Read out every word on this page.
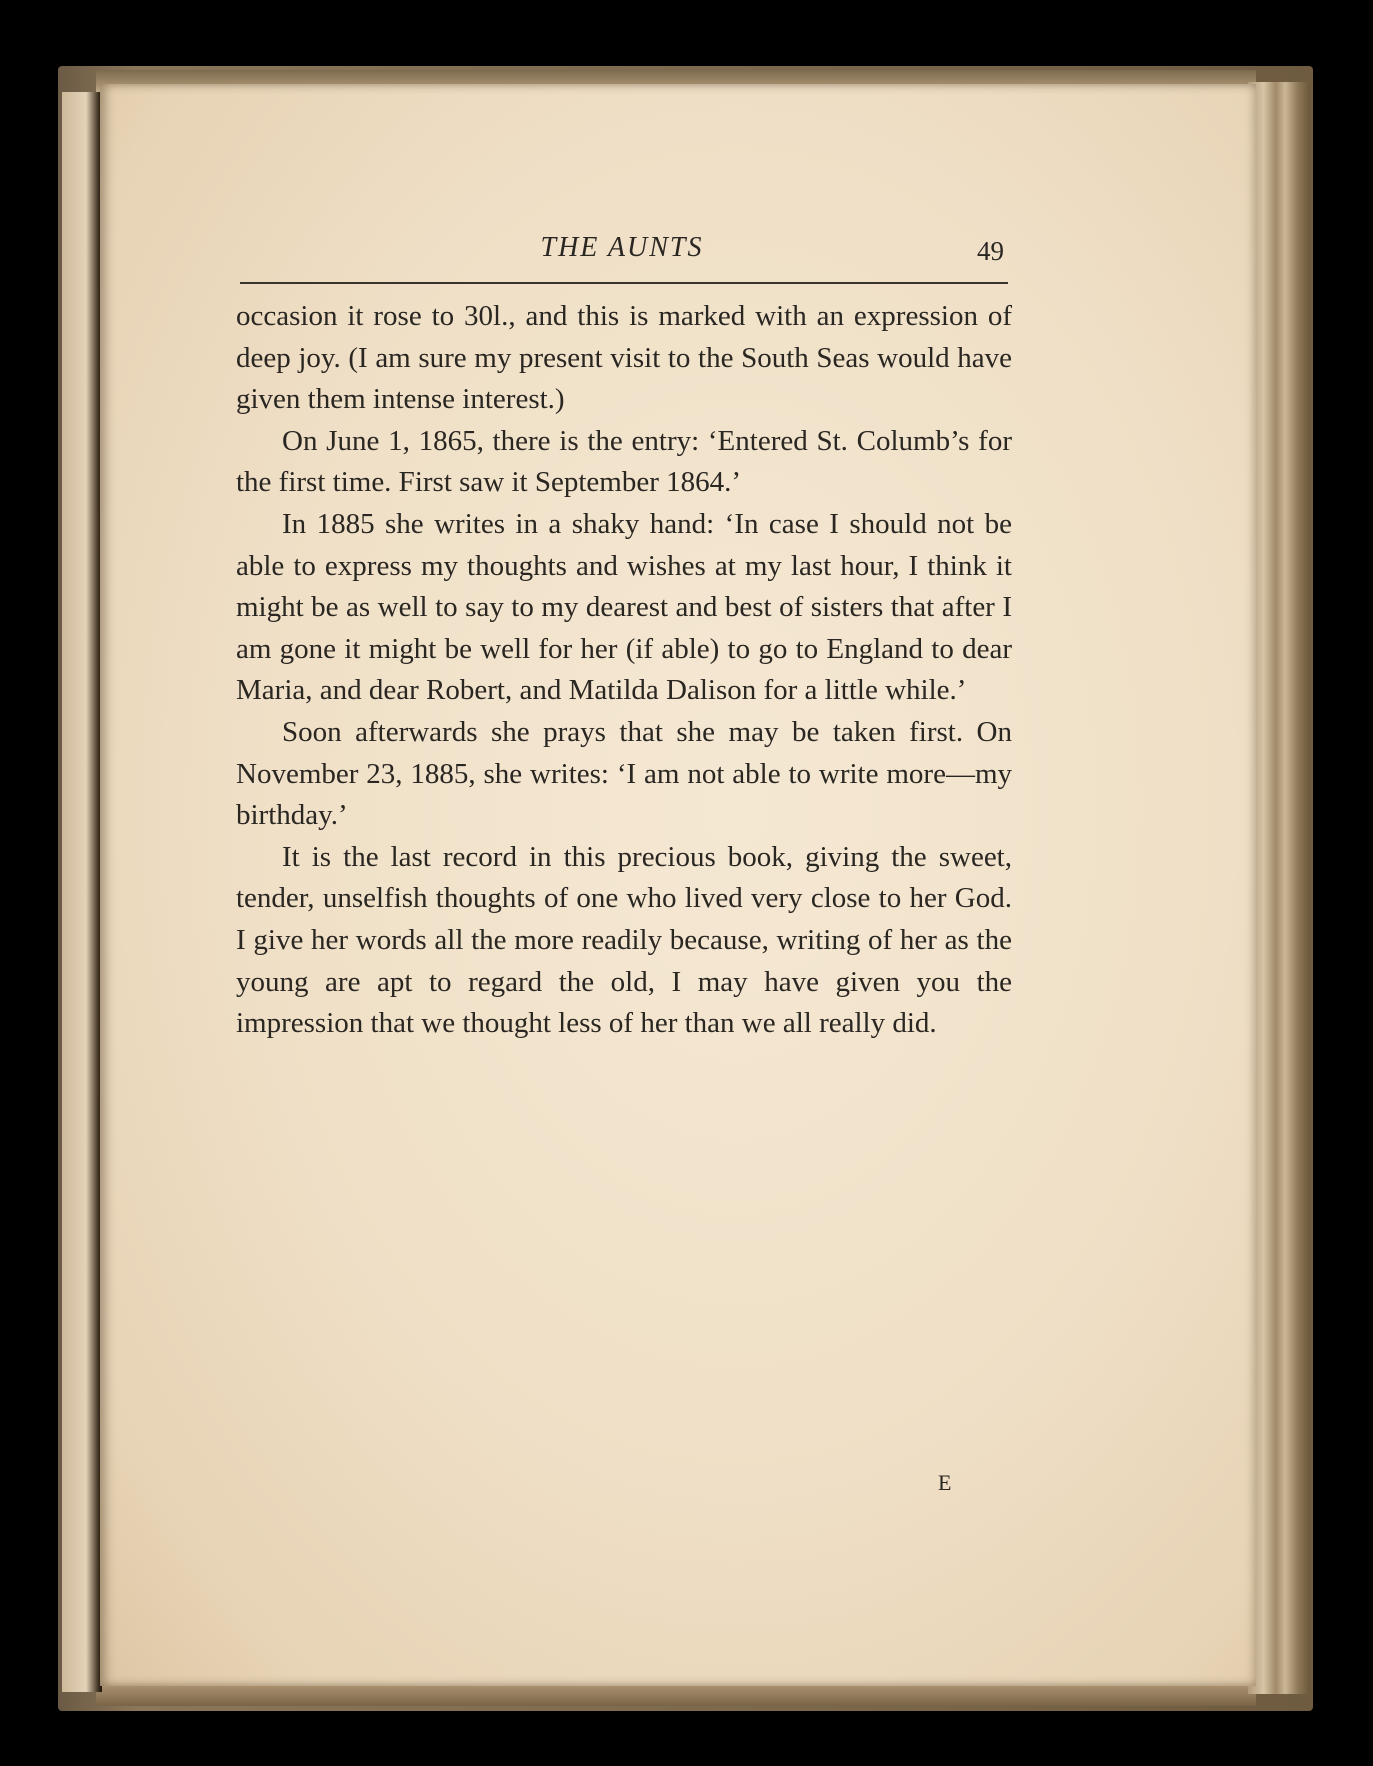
THE AUNTS	49

occasion it rose to 30l., and this is marked with an expression of deep joy. (I am sure my present visit to the South Seas would have given them intense interest.)

On June 1, 1865, there is the entry: ‘Entered St. Columb’s for the first time. First saw it September 1864.’

In 1885 she writes in a shaky hand: ‘In case I should not be able to express my thoughts and wishes at my last hour, I think it might be as well to say to my dearest and best of sisters that after I am gone it might be well for her (if able) to go to England to dear Maria, and dear Robert, and Matilda Dalison for a little while.’

Soon afterwards she prays that she may be taken first. On November 23, 1885, she writes: ‘I am not able to write more—my birthday.’

It is the last record in this precious book, giving the sweet, tender, unselfish thoughts of one who lived very close to her God. I give her words all the more readily because, writing of her as the young are apt to regard the old, I may have given you the impression that we thought less of her than we all really did.

E
